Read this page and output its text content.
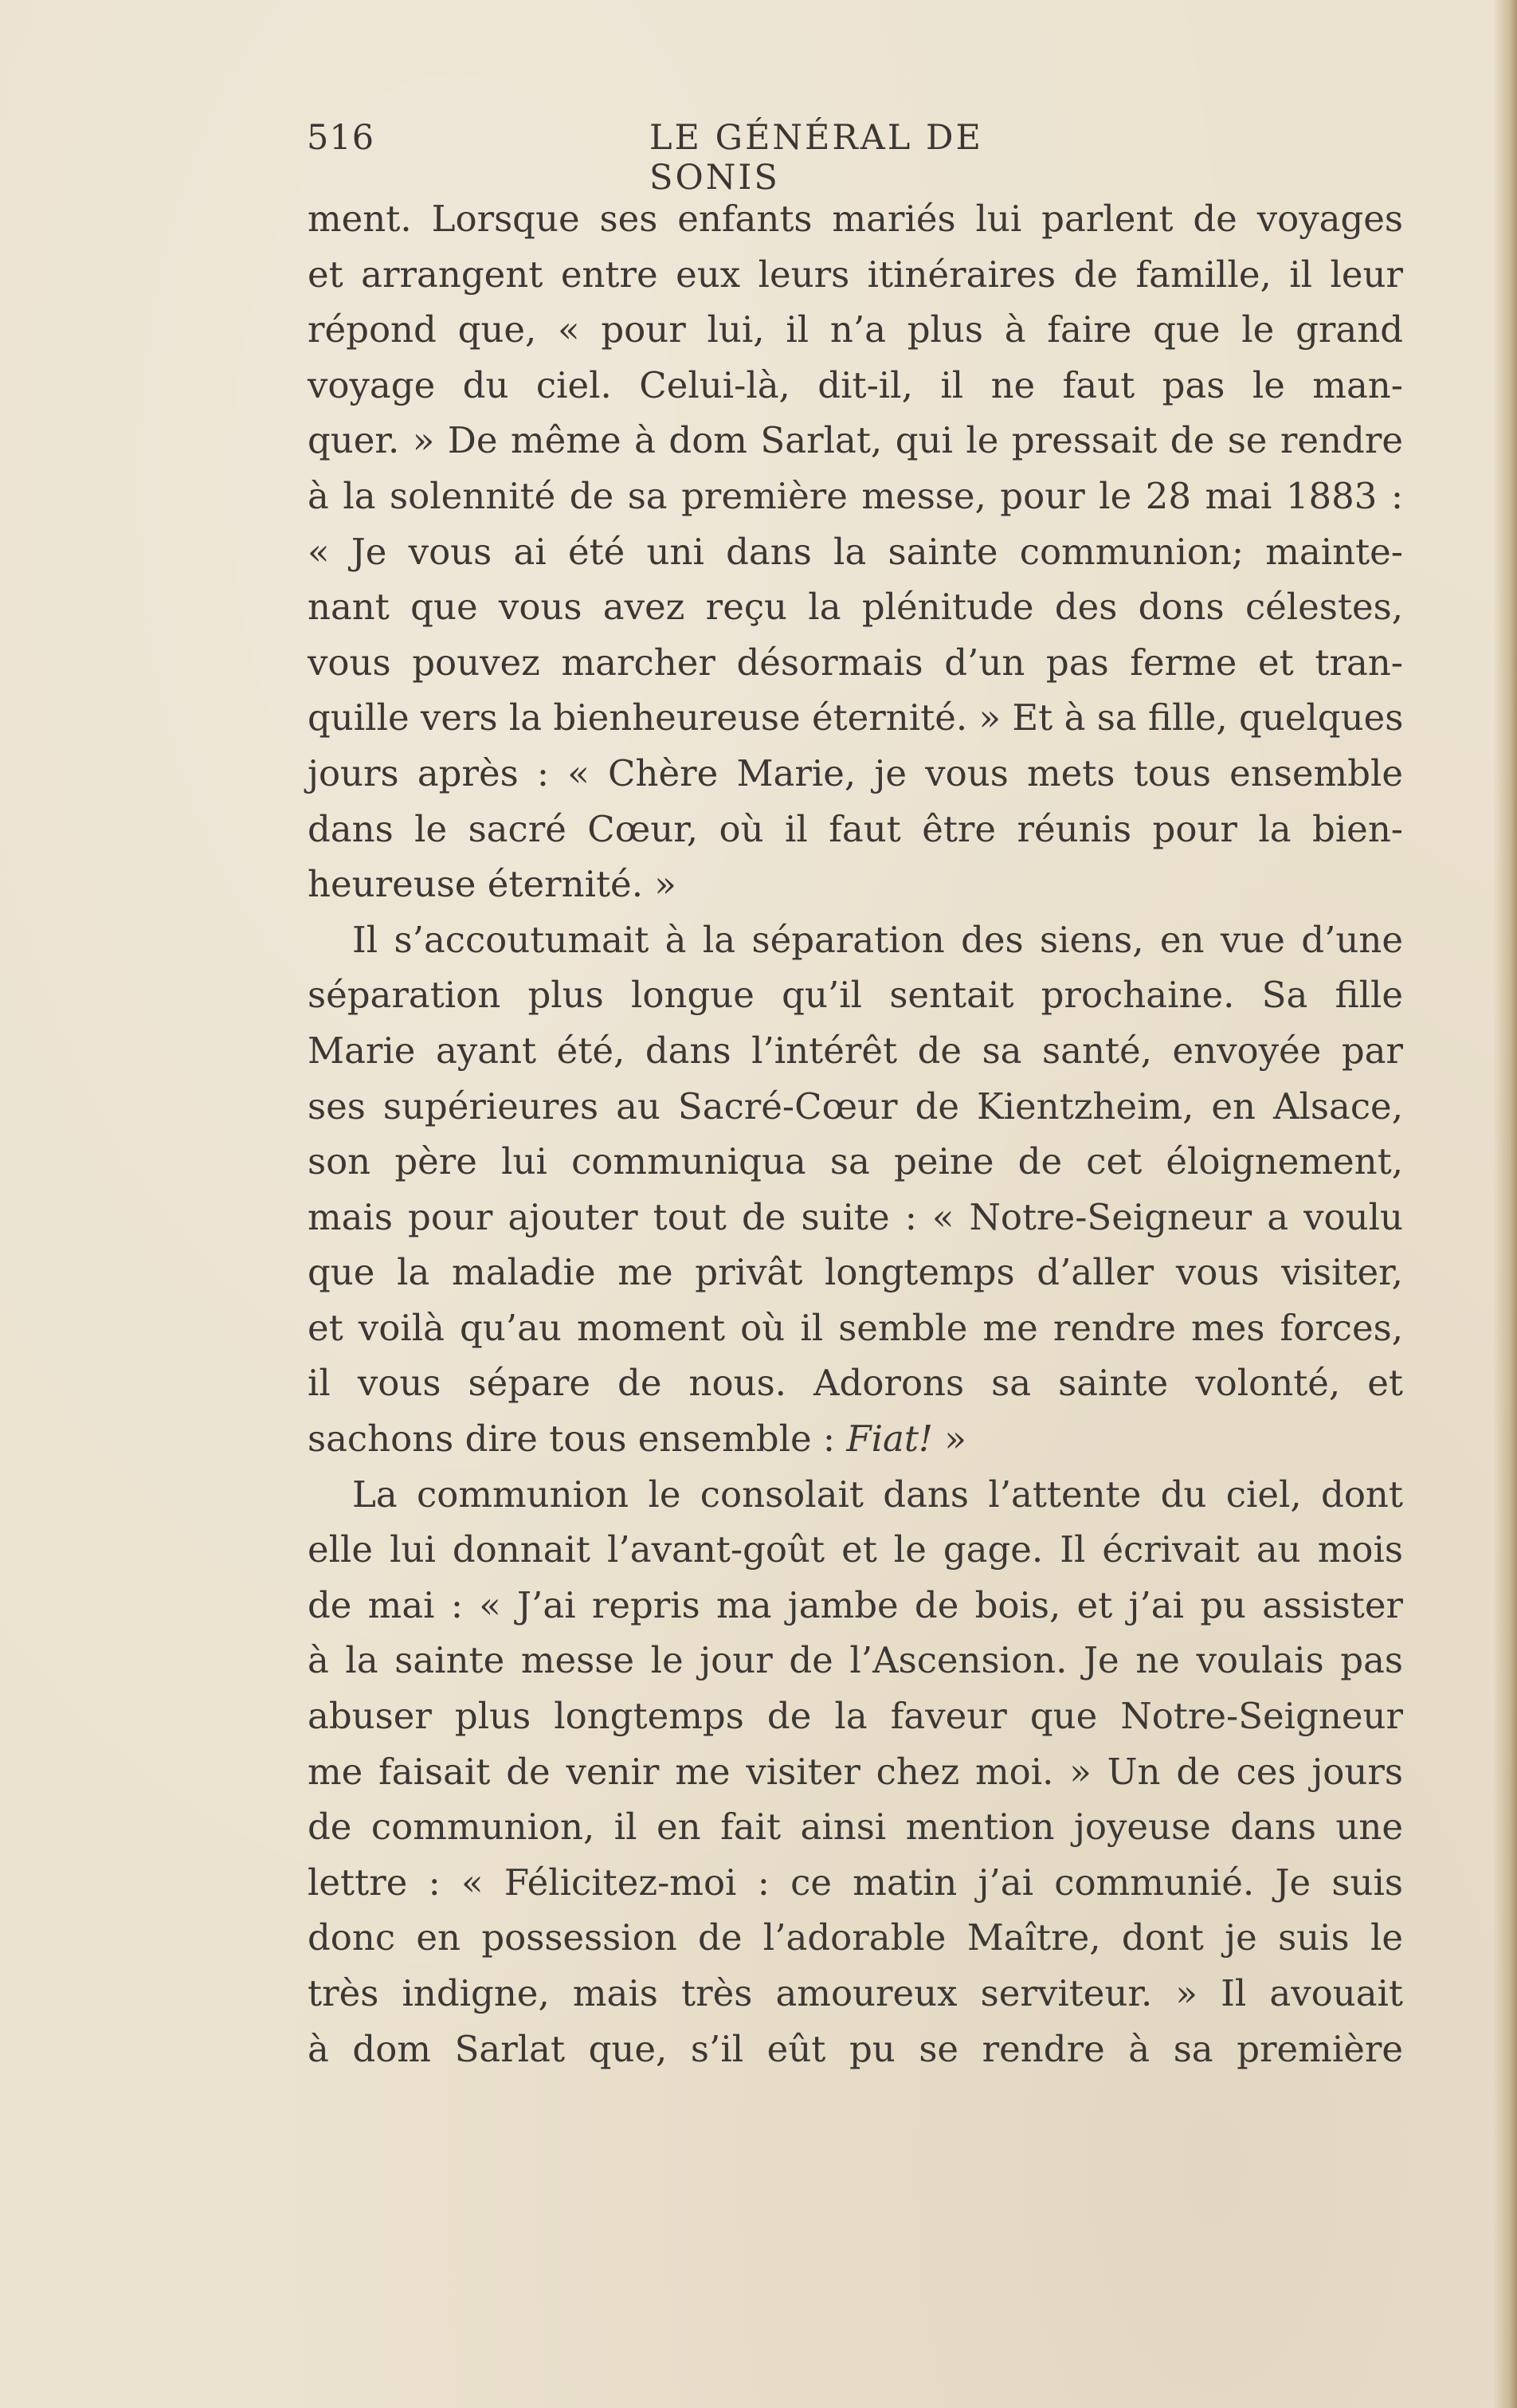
516	LE GÉNÉRAL DE SONIS
ment. Lorsque ses enfants mariés lui parlent de voyages
et arrangent entre eux leurs itinéraires de famille, il leur
répond que, « pour lui, il n’a plus à faire que le grand
voyage du ciel. Celui-là, dit-il, il ne faut pas le man-
quer. » De même à dom Sarlat, qui le pressait de se rendre
à la solennité de sa première messe, pour le 28 mai 1883 :
« Je vous ai été uni dans la sainte communion; mainte-
nant que vous avez reçu la plénitude des dons célestes,
vous pouvez marcher désormais d’un pas ferme et tran-
quille vers la bienheureuse éternité. » Et à sa fille, quelques
jours après : « Chère Marie, je vous mets tous ensemble
dans le sacré Cœur, où il faut être réunis pour la bien-
heureuse éternité. »
Il s’accoutumait à la séparation des siens, en vue d’une
séparation plus longue qu’il sentait prochaine. Sa fille
Marie ayant été, dans l’intérêt de sa santé, envoyée par
ses supérieures au Sacré-Cœur de Kientzheim, en Alsace,
son père lui communiqua sa peine de cet éloignement,
mais pour ajouter tout de suite : « Notre-Seigneur a voulu
que la maladie me privât longtemps d’aller vous visiter,
et voilà qu’au moment où il semble me rendre mes forces,
il vous sépare de nous. Adorons sa sainte volonté, et
sachons dire tous ensemble : Fiat! »
La communion le consolait dans l’attente du ciel, dont
elle lui donnait l’avant-goût et le gage. Il écrivait au mois
de mai : « J’ai repris ma jambe de bois, et j’ai pu assister
à la sainte messe le jour de l’Ascension. Je ne voulais pas
abuser plus longtemps de la faveur que Notre-Seigneur
me faisait de venir me visiter chez moi. » Un de ces jours
de communion, il en fait ainsi mention joyeuse dans une
lettre : « Félicitez-moi : ce matin j’ai communié. Je suis
donc en possession de l’adorable Maître, dont je suis le
très indigne, mais très amoureux serviteur. » Il avouait
à dom Sarlat que, s’il eût pu se rendre à sa première
